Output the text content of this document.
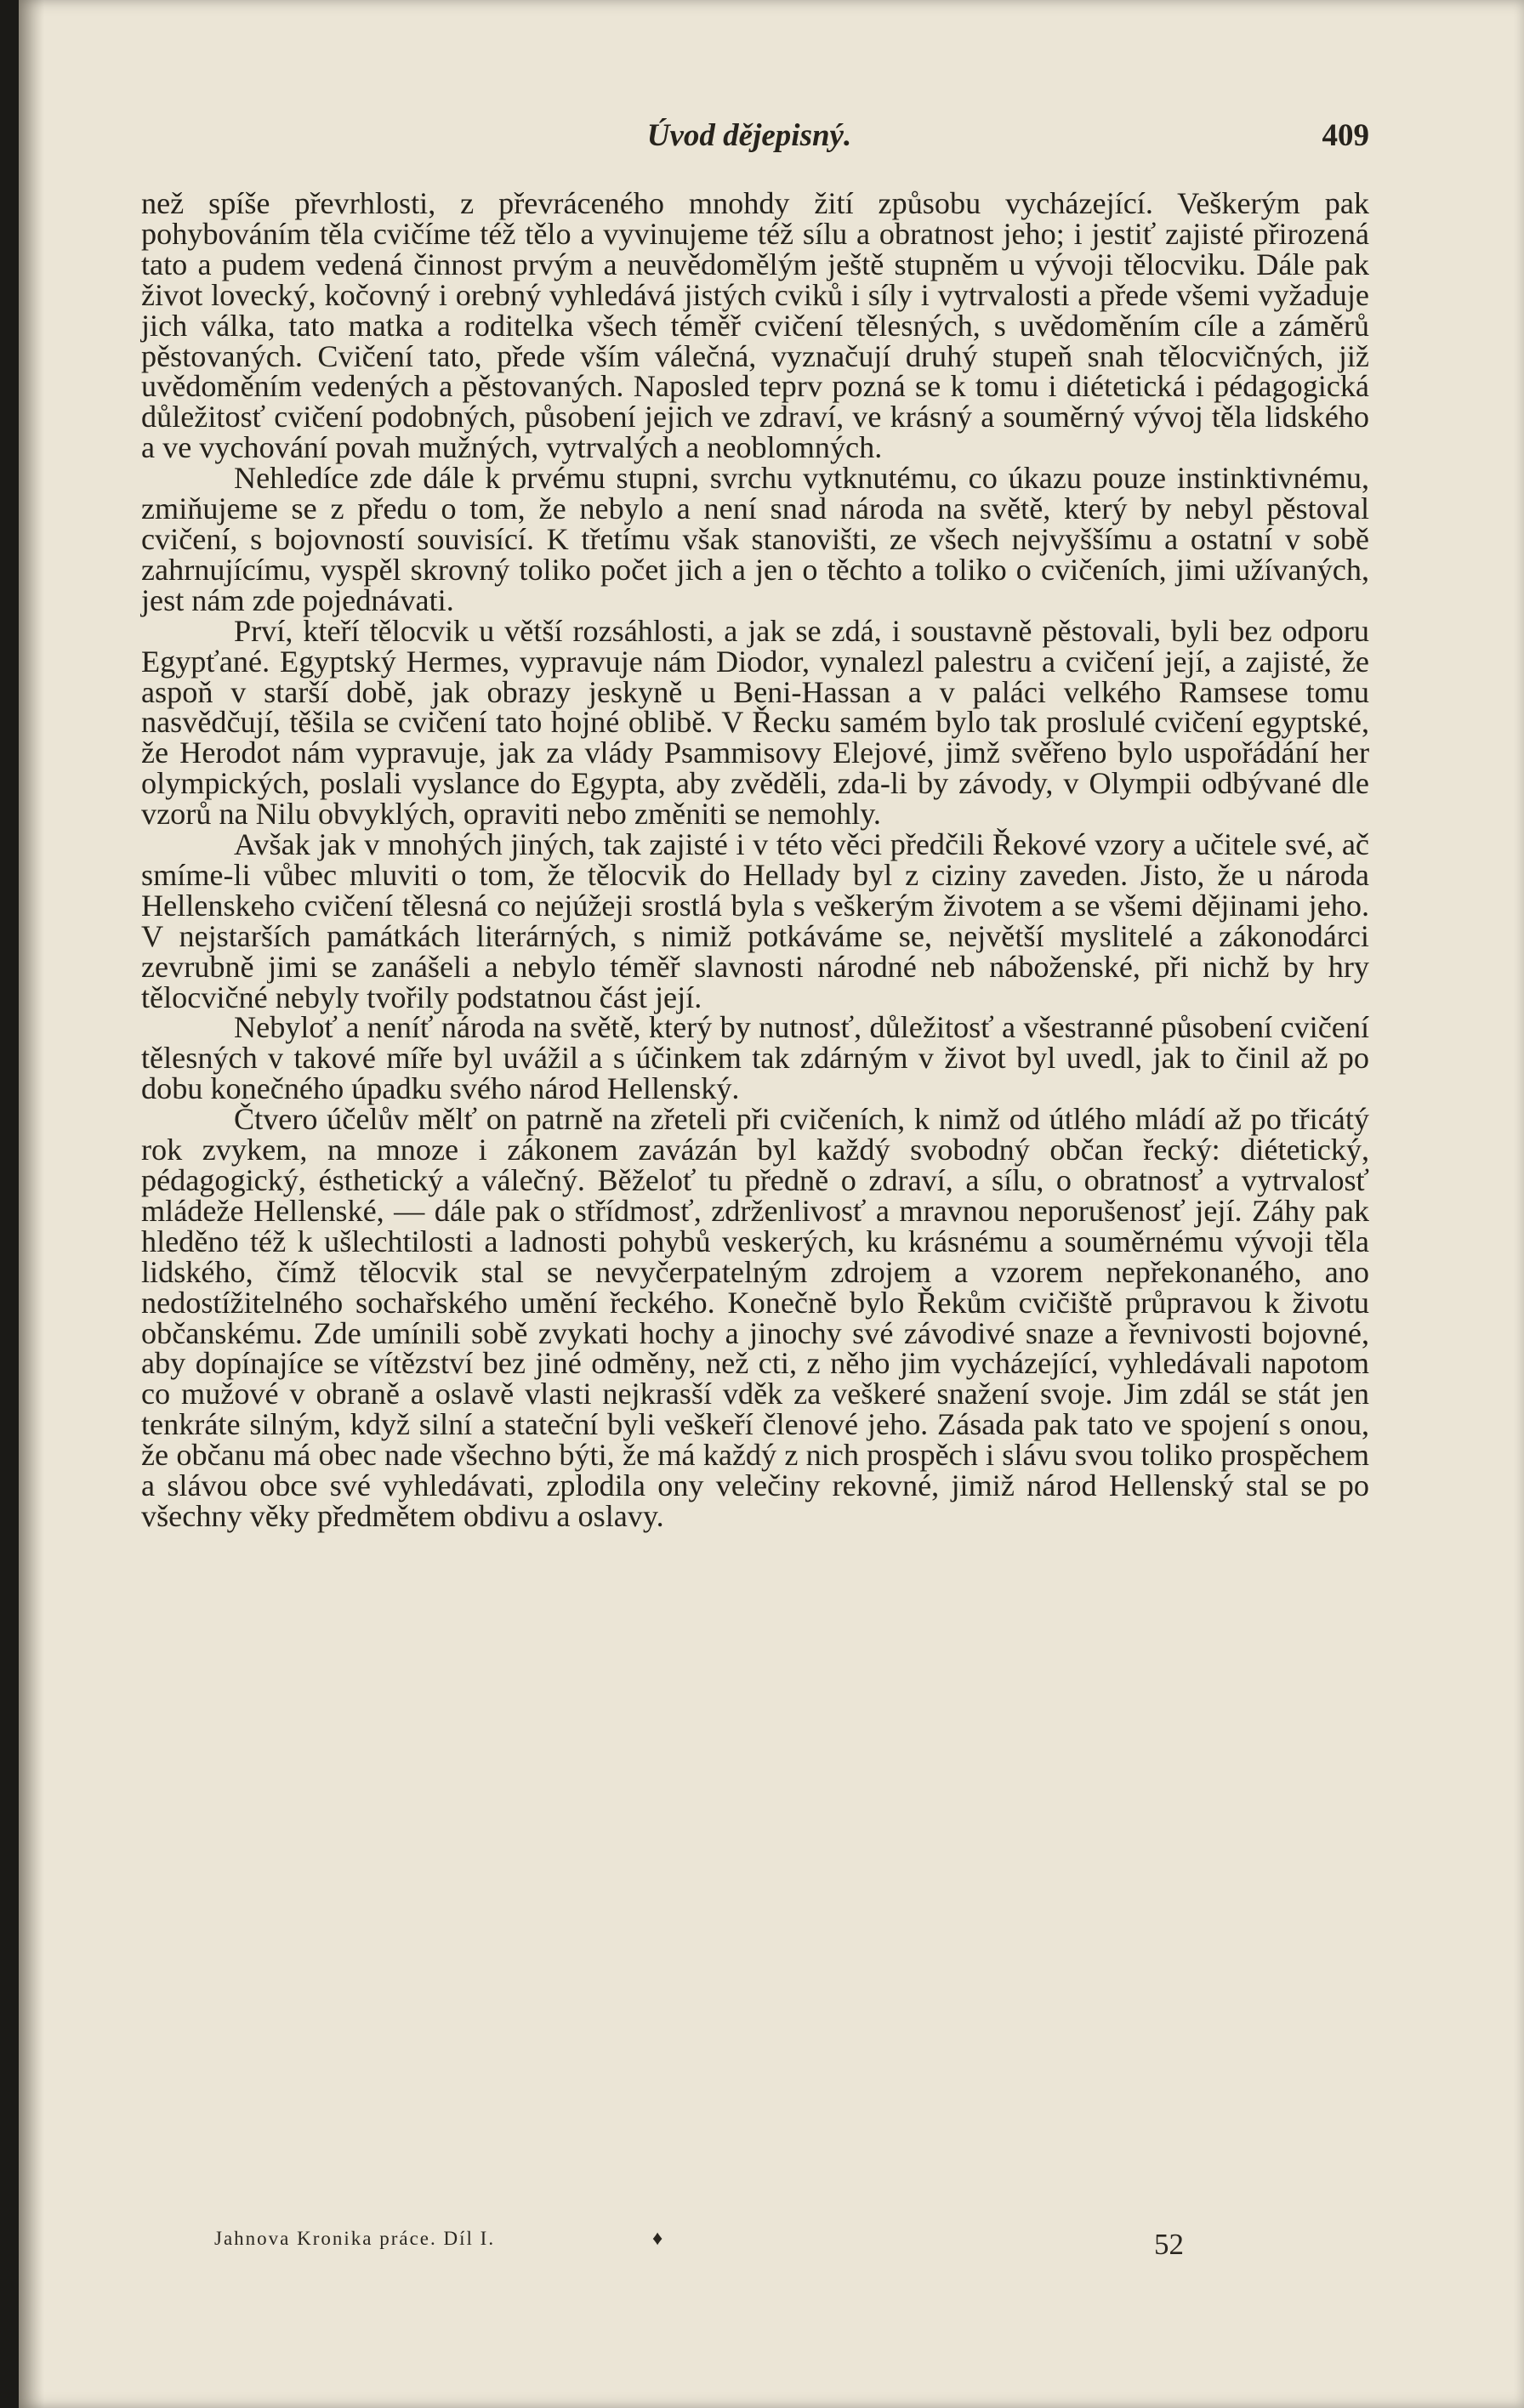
Úvod dějepisný.	409

než spíše převrhlosti, z převráceného mnohdy žití způsobu vycházející. Veškerým pak pohybováním těla cvičíme též tělo a vyvinujeme též sílu a obratnost jeho; i jestiť zajisté přirozená tato a pudem vedená činnost prvým a neuvědomělým ještě stupněm u vývoji tělocviku. Dále pak život lovecký, kočovný i orebný vyhledává jistých cviků i síly i vytrvalosti a přede všemi vyžaduje jich válka, tato matka a roditelka všech téměř cvičení tělesných, s uvědoměním cíle a záměrů pěstovaných. Cvičení tato, přede vším válečná, vyznačují druhý stupeň snah tělocvičných, již uvědoměním vedených a pěstovaných. Naposled teprv pozná se k tomu i diétetická i pédagogická důležitosť cvičení podobných, působení jejich ve zdraví, ve krásný a souměrný vývoj těla lidského a ve vychování povah mužných, vytrvalých a neoblomných.

Nehledíce zde dále k prvému stupni, svrchu vytknutému, co úkazu pouze instinktivnému, zmiňujeme se z předu o tom, že nebylo a není snad národa na světě, který by nebyl pěstoval cvičení, s bojovností souvisící. K třetímu však stanovišti, ze všech nejvyššímu a ostatní v sobě zahrnujícímu, vyspěl skrovný toliko počet jich a jen o těchto a toliko o cvičeních, jimi užívaných, jest nám zde pojednávati.

Prví, kteří tělocvik u větší rozsáhlosti, a jak se zdá, i soustavně pěstovali, byli bez odporu Egypťané. Egyptský Hermes, vypravuje nám Diodor, vynalezl palestru a cvičení její, a zajisté, že aspoň v starší době, jak obrazy jeskyně u Beni-Hassan a v paláci velkého Ramsese tomu nasvědčují, těšila se cvičení tato hojné oblibě. V Řecku samém bylo tak proslulé cvičení egyptské, že Herodot nám vypravuje, jak za vlády Psammisovy Elejové, jimž svěřeno bylo uspořádání her olympických, poslali vyslance do Egypta, aby zvěděli, zda-li by závody, v Olympii odbývané dle vzorů na Nilu obvyklých, opraviti nebo změniti se nemohly.

Avšak jak v mnohých jiných, tak zajisté i v této věci předčili Řekové vzory a učitele své, ač smíme-li vůbec mluviti o tom, že tělocvik do Hellady byl z ciziny zaveden. Jisto, že u národa Hellenskeho cvičení tělesná co nejúžeji srostlá byla s veškerým životem a se všemi dějinami jeho. V nejstarších památkách literárných, s nimiž potkáváme se, největší myslitelé a zákonodárci zevrubně jimi se zanášeli a nebylo téměř slavnosti národné neb náboženské, při nichž by hry tělocvičné nebyly tvořily podstatnou část její.

Nebyloť a neníť národa na světě, který by nutnosť, důležitosť a všestranné působení cvičení tělesných v takové míře byl uvážil a s účinkem tak zdárným v život byl uvedl, jak to činil až po dobu konečného úpadku svého národ Hellenský.

Čtvero účelův mělť on patrně na zřeteli při cvičeních, k nimž od útlého mládí až po třicátý rok zvykem, na mnoze i zákonem zavázán byl každý svobodný občan řecký: diétetický, pédagogický, ésthetický a válečný. Běželoť tu předně o zdraví, a sílu, o obratnosť a vytrvalosť mládeže Hellenské, — dále pak o střídmosť, zdrženlivosť a mravnou neporušenosť její. Záhy pak hleděno též k ušlechtilosti a ladnosti pohybů veskerých, ku krásnému a souměrnému vývoji těla lidského, čímž tělocvik stal se nevyčerpatelným zdrojem a vzorem nepřekonaného, ano nedostížitelného sochařského umění řeckého. Konečně bylo Řekům cvičiště průpravou k životu občanskému. Zde umínili sobě zvykati hochy a jinochy své závodivé snaze a řevnivosti bojovné, aby dopínajíce se vítězství bez jiné odměny, než cti, z něho jim vycházející, vyhledávali napotom co mužové v obraně a oslavě vlasti nejkrasší vděk za veškeré snažení svoje. Jim zdál se stát jen tenkráte silným, když silní a stateční byli veškeří členové jeho. Zásada pak tato ve spojení s onou, že občanu má obec nade všechno býti, že má každý z nich prospěch i slávu svou toliko prospěchem a slávou obce své vyhledávati, zplodila ony velečiny rekovné, jimiž národ Hellenský stal se po všechny věky předmětem obdivu a oslavy.

Jahnova Kronika práce. Díl I.	♦	52
